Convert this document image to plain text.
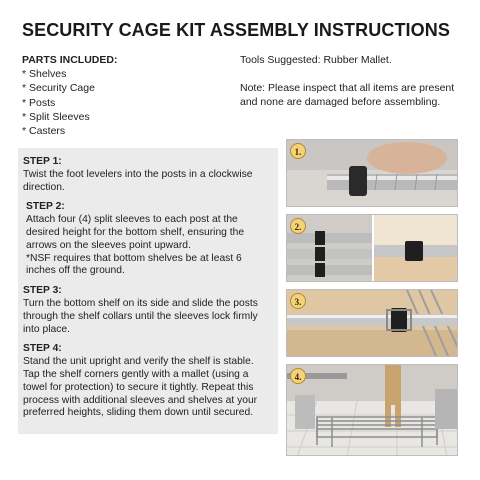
SECURITY CAGE KIT ASSEMBLY INSTRUCTIONS
PARTS INCLUDED:
* Shelves
* Security Cage
* Posts
* Split Sleeves
* Casters
Tools Suggested: Rubber Mallet.
Note: Please inspect that all items are present and none are damaged before assembling.
STEP 1:
Twist the foot levelers into the posts in a clockwise direction.
STEP 2:
Attach four (4) split sleeves to each post at the desired height for the bottom shelf, ensuring the arrows on the sleeves point upward.
*NSF requires that bottom shelves be at least 6 inches off the ground.
STEP 3:
Turn the bottom shelf on its side and slide the posts through the shelf collars until the sleeves lock firmly into place.
STEP 4:
Stand the unit upright and verify the shelf is stable. Tap the shelf corners gently with a mallet (using a towel for protection) to secure it tightly. Repeat this process with additional sleeves and shelves at your preferred heights, sliding them down until secured.
1.
2.
3.
4.
